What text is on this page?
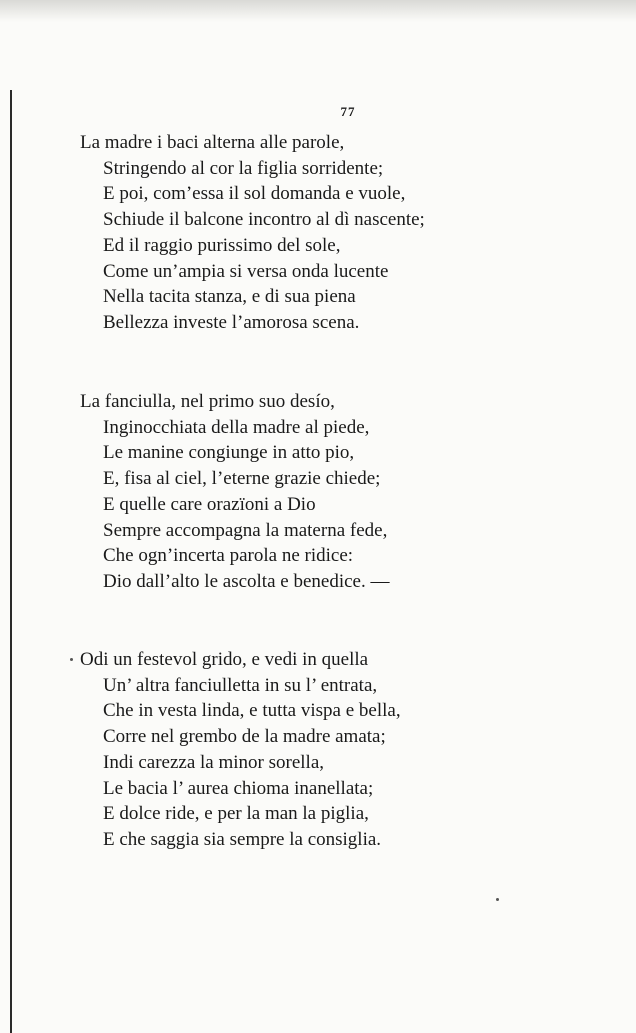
77
La madre i baci alterna alle parole,
Stringendo al cor la figlia sorridente;
E poi, com’essa il sol domanda e vuole,
Schiude il balcone incontro al dì nascente;
Ed il raggio purissimo del sole,
Come un’ampia si versa onda lucente
Nella tacita stanza, e di sua piena
Bellezza investe l’amorosa scena.
La fanciulla, nel primo suo desío,
Inginocchiata della madre al piede,
Le manine congiunge in atto pio,
E, fisa al ciel, l’eterne grazie chiede;
E quelle care orazïoni a Dio
Sempre accompagna la materna fede,
Che ogn’incerta parola ne ridice:
Dio dall’alto le ascolta e benedice. —
Odi un festevol grido, e vedi in quella
Un’ altra fanciulletta in su l’ entrata,
Che in vesta linda, e tutta vispa e bella,
Corre nel grembo de la madre amata;
Indi carezza la minor sorella,
Le bacia l’ aurea chioma inanellata;
E dolce ride, e per la man la piglia,
E che saggia sia sempre la consiglia.
